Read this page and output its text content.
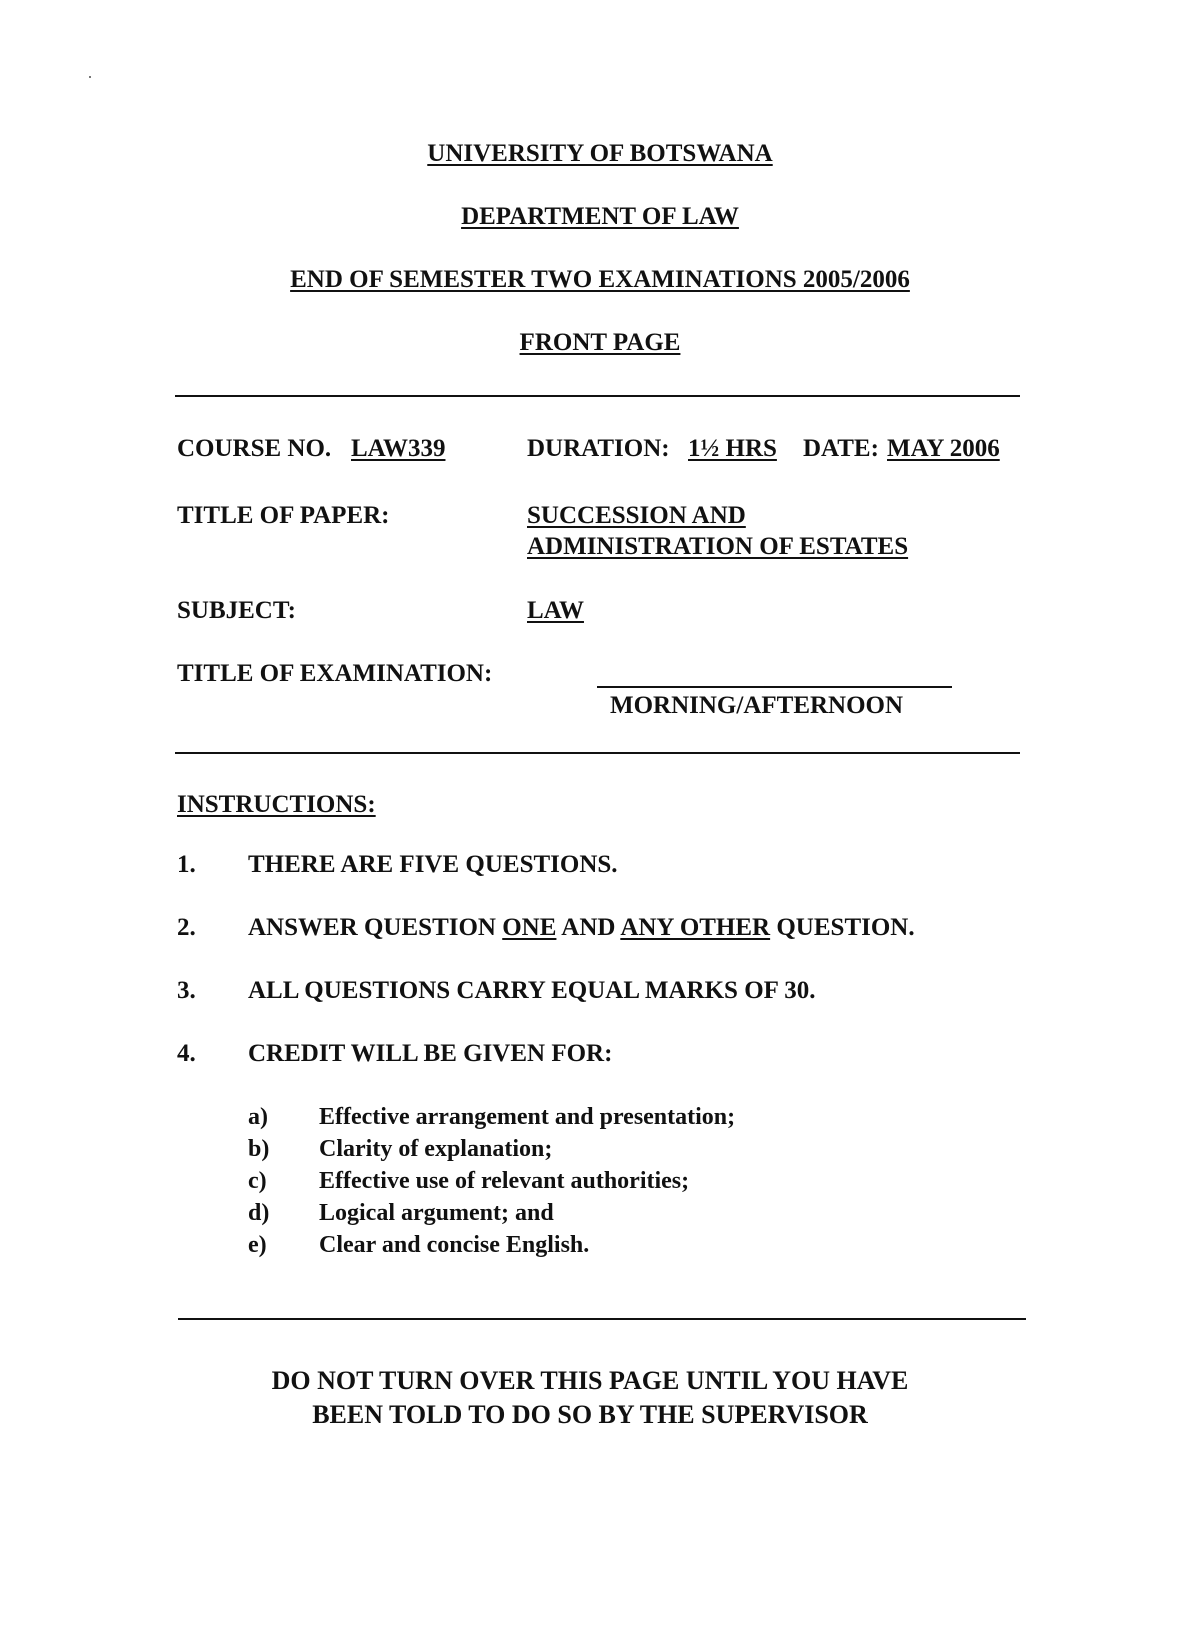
UNIVERSITY OF BOTSWANA
DEPARTMENT OF LAW
END OF SEMESTER TWO EXAMINATIONS 2005/2006
FRONT PAGE
COURSE NO. LAW339	DURATION: 1½ HRS DATE: MAY 2006
TITLE OF PAPER:	SUCCESSION AND
ADMINISTRATION OF ESTATES
SUBJECT:	LAW
TITLE OF EXAMINATION:
MORNING/AFTERNOON
INSTRUCTIONS:
1. THERE ARE FIVE QUESTIONS.
2. ANSWER QUESTION ONE AND ANY OTHER QUESTION.
3. ALL QUESTIONS CARRY EQUAL MARKS OF 30.
4. CREDIT WILL BE GIVEN FOR:
a) Effective arrangement and presentation;
b) Clarity of explanation;
c) Effective use of relevant authorities;
d) Logical argument; and
e) Clear and concise English.
DO NOT TURN OVER THIS PAGE UNTIL YOU HAVE
BEEN TOLD TO DO SO BY THE SUPERVISOR
